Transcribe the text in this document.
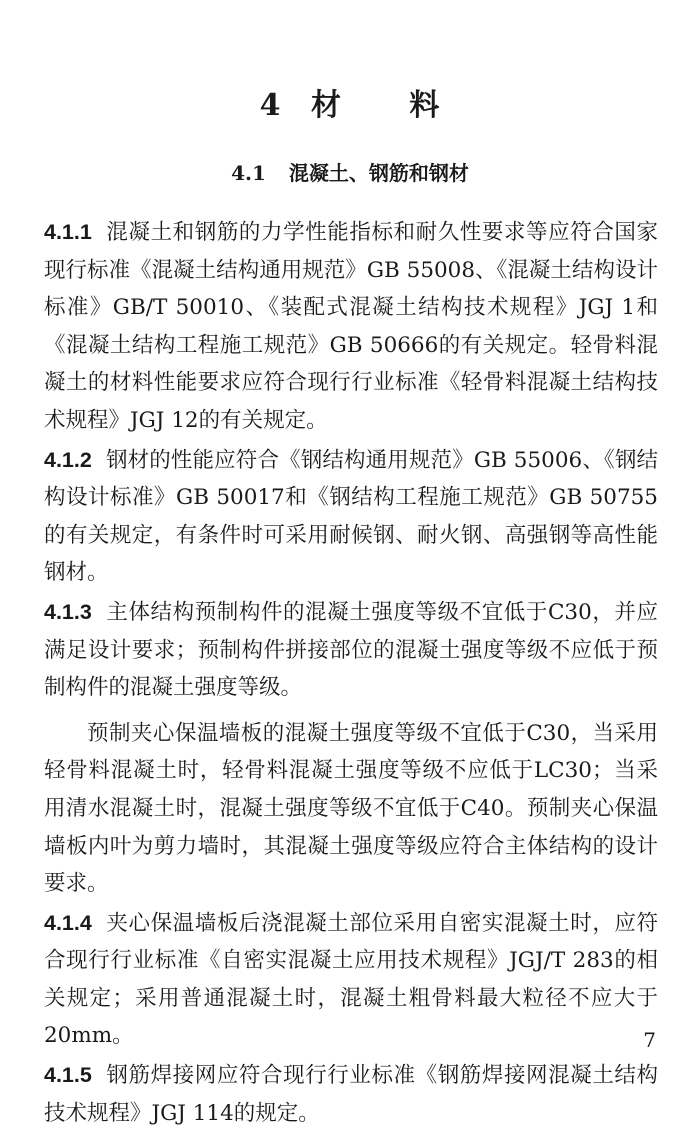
4 材 料
4.1 混凝土、钢筋和钢材

4.1.1 混凝土和钢筋的力学性能指标和耐久性要求等应符合国家现行标准《混凝土结构通用规范》GB 55008、《混凝土结构设计标准》GB/T 50010、《装配式混凝土结构技术规程》JGJ 1和《混凝土结构工程施工规范》GB 50666的有关规定。轻骨料混凝土的材料性能要求应符合现行行业标准《轻骨料混凝土结构技术规程》JGJ 12的有关规定。

4.1.2 钢材的性能应符合《钢结构通用规范》GB 55006、《钢结构设计标准》GB 50017和《钢结构工程施工规范》GB 50755的有关规定，有条件时可采用耐候钢、耐火钢、高强钢等高性能钢材。

4.1.3 主体结构预制构件的混凝土强度等级不宜低于C30，并应满足设计要求；预制构件拼接部位的混凝土强度等级不应低于预制构件的混凝土强度等级。

预制夹心保温墙板的混凝土强度等级不宜低于C30，当采用轻骨料混凝土时，轻骨料混凝土强度等级不应低于LC30；当采用清水混凝土时，混凝土强度等级不宜低于C40。预制夹心保温墙板内叶为剪力墙时，其混凝土强度等级应符合主体结构的设计要求。

4.1.4 夹心保温墙板后浇混凝土部位采用自密实混凝土时，应符合现行行业标准《自密实混凝土应用技术规程》JGJ/T 283的相关规定；采用普通混凝土时，混凝土粗骨料最大粒径不应大于20mm。

4.1.5 钢筋焊接网应符合现行行业标准《钢筋焊接网混凝土结构技术规程》JGJ 114的规定。

7
